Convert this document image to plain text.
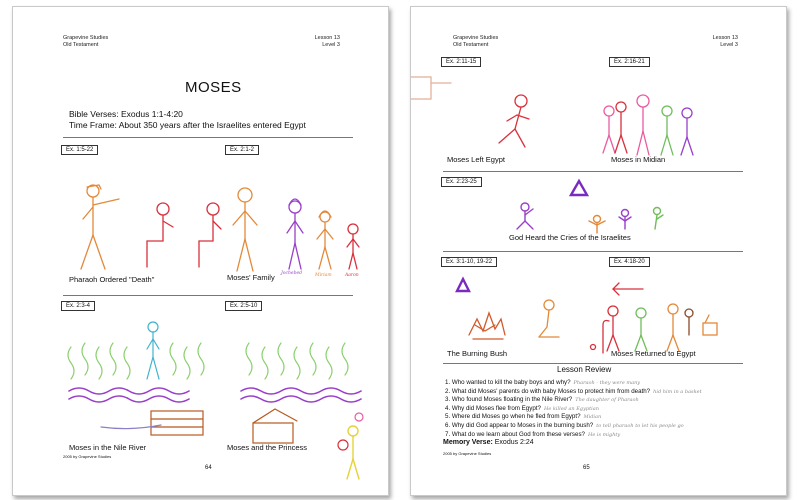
Grapevine Studies
Old Testament
Lesson 13
Level 3
MOSES
Bible Verses: Exodus 1:1-4:20
Time Frame: About 350 years after the Israelites entered Egypt
Ex. 1:5-22	Ex. 2:1-2
Jochebed	Miriam	Aaron
Pharaoh Ordered "Death"	Moses' Family
Ex. 2:3-4	Ex. 2:5-10
Moses in the Nile River	Moses and the Princess
2005 by Grapevine Studies
64
Grapevine Studies
Old Testament
Lesson 13
Level 3
Ex. 2:11-15	Ex. 2:16-21
Moses Left Egypt	Moses in Midian
Ex. 2:23-25
God Heard the Cries of the Israelites
Ex. 3:1-10, 19-22	Ex. 4:18-20
The Burning Bush	Moses Returned to Egypt
Lesson Review
1. Who wanted to kill the baby boys and why? Pharaoh - they were many
2. What did Moses' parents do with baby Moses to protect him from death? hid him in a basket
3. Who found Moses floating in the Nile River? The daughter of Pharaoh
4. Why did Moses flee from Egypt? He killed an Egyptian
5. Where did Moses go when he fled from Egypt? Midian
6. Why did God appear to Moses in the burning bush? to tell pharaoh to let his people go
7. What do we learn about God from these verses? He is mighty
Memory Verse: Exodus 2:24
2005 by Grapevine Studies
65
